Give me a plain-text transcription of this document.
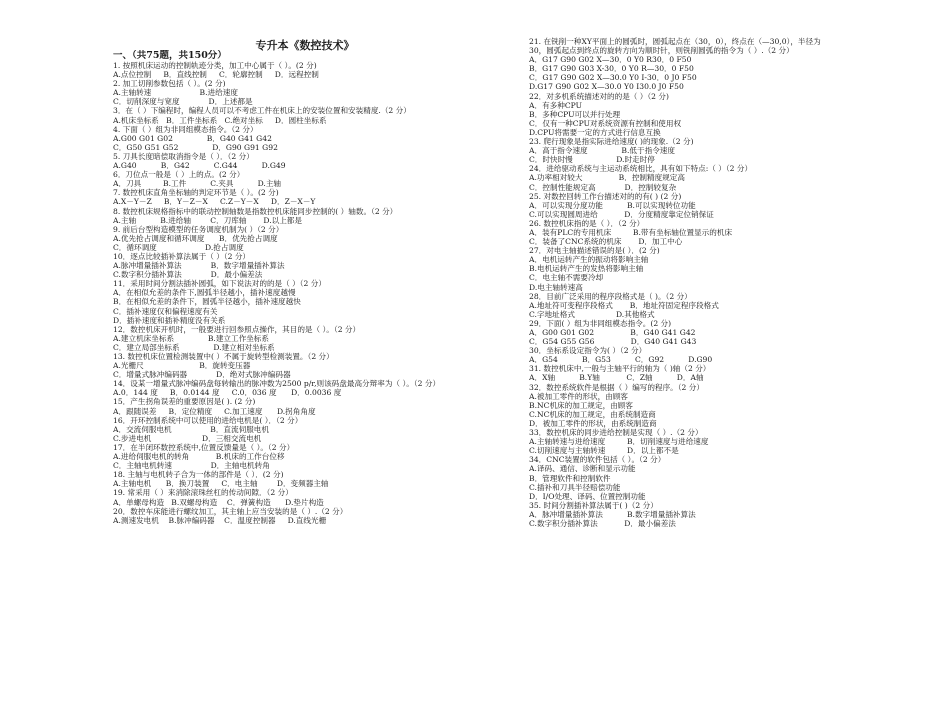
专升本《数控技术》
一、（共75题，共150分）
1. 按照机床运动的控制轨迹分类，加工中心属于（ ）。(2 分)
A.点位控制     B．直线控制     C．轮廓控制     D．远程控制
2. 加工切削参数包括（ ）。(2 分)
A.主轴转速                    B.进给速度
C．切削深度与宽度            D．上述都是
3．在（ ）下编程时，编程人员可以不考虑工件在机床上的安装位置和安装精度.（2 分）
A.机床坐标系   B．工件坐标系   C.绝对坐标     D．圆柱坐标系
4. 下面（ ）组为非同组模态指令。（2 分）
A.G00 G01 G02              B．G40 G41 G42
C．G50 G51 G52              D．G90 G91 G92
5. 刀具长度暗偿取消指令是（ ）．（2 分）
A.G40          B．G42          C.G44          D.G49
6．刀位点一般是（ ）上的点。(2 分）
A．刀具         B.工件          C.夹具          D.主轴
7. 数控机床直角坐标轴的判定环节是（ ）。(2 分)
A.X－Y－Z     B．Y－Z－X     C.Z－Y－X     D．Z－X－Y
8. 数控机床规格指标中的联动控制轴数是指数控机床能同步控制的( ）轴数。（2 分）
A.主轴          B.进给轴        C．刀库轴       D.以上都是
9. 前后台型构造模型的任务调度机制为( ）（2 分）
A.优先抢占调度和循环调度      B．优先抢占调度
C．循环调度                    D.抢占调度
10．逐点比较插补算法属于（ ）（2 分）
A.脉冲增量插补算法            B．数字增量插补算法
C.数字积分插补算法            D．最小偏差法
11．采用时间分割法插补圆弧，如下说法对的的是（ ）（2 分）
A．在相似允差的条件下,圆弧半径越小，插补速度越慢
B．在相似允差的条件下，圆弧半径越小，插补速度越快
C．插补速度仅和偏程速度有关
D．插补速度和插补精度没有关系
12．数控机床开机时，一般要进行回参照点操作，其目的是（ ）。（2 分）
A.建立机床坐标系              B.建立工作坐标系
C．建立局部坐标系              D.建立相对坐标系
13. 数控机床位置检测装置中( ）不属于旋转型检测装置。（2 分）
A.光栅尺                       B．旋转变压器
C．增量式脉冲编码器            D．绝对式脉冲编码器
14．设某一增量式脉冲编码盘每转输出的脉冲数为2500 p/r,则该码盘最高分辩率为（ ）。（2 分）
A.0．144 度     B．0.0144 度     C.0．036 度      D．0.0036 度
15．产生拐角误差的重要原因是( ). (2 分)
A．跟随误差     B．定位精度     C.加工速度      D.拐角角度
16．开环控制系统中可以使用的进给电机是( ）．（2 分）
A．交流伺服电机                B．直流伺服电机
C.步进电机                     D．三相交流电机
17．在半闭环数控系统中,位置反馈量是（ ）。（2 分）
A.进给伺服电机的转角           B.机床的工作台位移
C．主轴电机转速                D．主轴电机转角
18. 主轴与电机转子合为一体的部件是（ ）．(2 分)
A.主轴电机      B．换刀装置     C．电主轴        D．变频器主轴
19. 常采用（ ）来消除滚珠丝杠的传动间隙．（2 分）
A．单螺母构造   B.双螺母构造    C．弹簧构造      D.垫片构造
20．数控车床能进行螺纹加工，其主轴上应当安装的是（ ）.（2 分）
A.测速发电机    B.脉冲编码器    C．温度控制器     D.直线光栅
21. 在铣削一种XY平面上的圆弧时，圆弧起点在（30，0），终点在（—30,0），半径为
30，圆弧起点到终点的旋转方向为顺时针，则铣削圆弧的指令为（ ）.（2 分）
A．G17 G90 G02 X—30．0 Y0 R30．0 F50
B．G17 G90 G03 X-30．0 Y0 R—30．0 F50
C．G17 G90 G02 X—30.0 Y0 I-30．0 J0 F50
D.G17 G90 G02 X—30.0 Y0 I30.0 J0 F50
22．对多机系统描述对的的是（ ）（2 分)
A．有多种CPU
B．多种CPU可以并行处理
C．仅有一种CPU对系统资源有控制和使用权
D.CPU将需要一定的方式进行信息互换
23. 爬行现象是指实际进给速度( )的现象.（2 分)
A．高于指令速度              B.低于指令速度
C．时快时慢                  D.时走时停
24．进给驱动系统与主运动系统相比，具有如下特点:（ ）（2 分）
A.功率相对较大               B．控制精度规定高
C．控制性能规定高            D．控制较复杂
25. 对数控回转工作台描述对的的有( ) (2 分)
A．可以实现分度功能          B.可以实现转位功能
C.可以实现圆周进给           D．分度精度靠定位销保证
26. 数控机床指的是（ ）．（2 分）
A．装有PLC的专用机床         B.带有坐标轴位置显示的机床
C．装备了CNC系统的机床       D．加工中心
27．对电主轴描述错误的是( ）．(2 分)
A．电机运转产生的振动将影响主轴
B.电机运转产生的发热将影响主轴
C．电主轴不需要冷却
D.电主轴转速高
28．目前广泛采用的程序段格式是（ )。（2 分）
A.地址符可变程序段格式       B．地址符固定程序段格式
C.字地址格式                 D.其他格式
29．下面( ）组为非同组模态指令。(2 分)
A．G00 G01 G02               B．G40 G41 G42
C．G54 G55 G56               D．G40 G41 G43
30．坐标系设定指令为( ）（2 分）
A．G54          B．G53          C．G92          D.G90
31. 数控机床中,一般与主轴平行的轴为（ )轴（2 分）
A．X轴          B.Y轴           C．Z轴          D．A轴
32．数控系统软件是根据（ ）编写的程序。（2 分）
A.被加工零件的形状，由顾客
B.NC机床的加工规定，由顾客
C.NC机床的加工规定，由系统制造商
D．被加工零件的形状，由系统制造商
33．数控机床的同步进给控制是实现（ ）.（2 分）
A.主轴转速与进给速度         B．切削速度与进给速度
C.切削速度与主轴转速         D．以上都不是
34．CNC装置的软件包括（ ）。（2 分）
A.译码、通信、诊断和显示功能
B．管理软件和控制软件
C.插补和刀具半径赔偿功能
D．I/O处理、译码、位置控制功能
35. 时间分割插补算法属于( )（2 分）
A．脉冲增量插补算法          B.数字增量插补算法
C.数字积分插补算法           D．最小偏差法
